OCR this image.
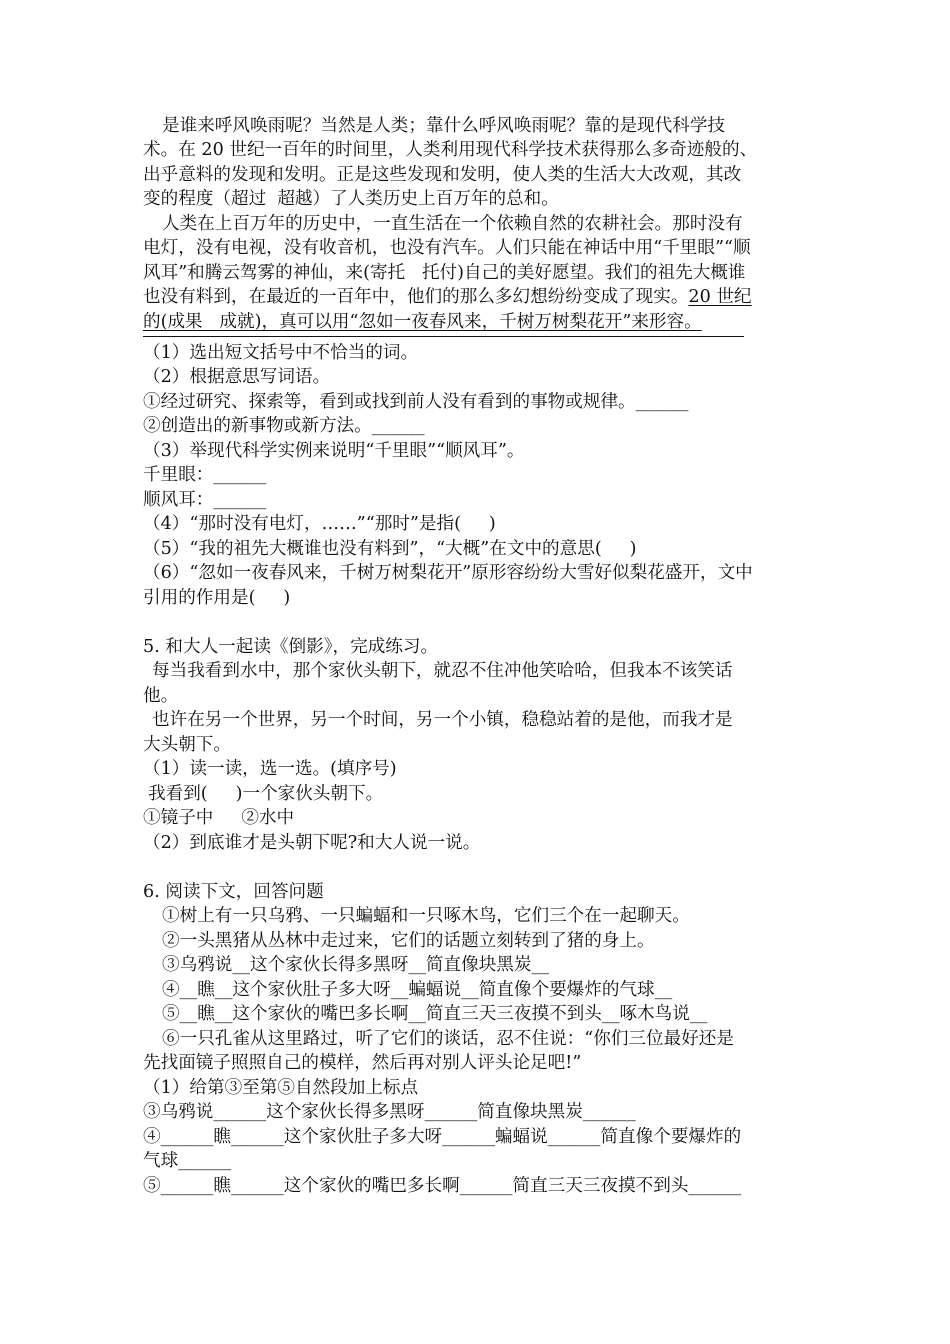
是谁来呼风唤雨呢？当然是人类；靠什么呼风唤雨呢？靠的是现代科学技
术。在 20 世纪一百年的时间里，人类利用现代科学技术获得那么多奇迹般的、
出乎意料的发现和发明。正是这些发现和发明，使人类的生活大大改观，其改
变的程度（超过  超越）了人类历史上百万年的总和。
人类在上百万年的历史中，一直生活在一个依赖自然的农耕社会。那时没有
电灯，没有电视，没有收音机，也没有汽车。人们只能在神话中用“千里眼”“顺
风耳”和腾云驾雾的神仙，来(寄托   托付)自己的美好愿望。我们的祖先大概谁
也没有料到，在最近的一百年中，他们的那么多幻想纷纷变成了现实。20 世纪
的(成果   成就)，真可以用“忽如一夜春风来，千树万树梨花开”来形容。
（1）选出短文括号中不恰当的词。
（2）根据意思写词语。
①经过研究、探索等，看到或找到前人没有看到的事物或规律。______
②创造出的新事物或新方法。______
（3）举现代科学实例来说明“千里眼”“顺风耳”。
千里眼：______
顺风耳：______
（4）“那时没有电灯，……”“那时”是指(     )
（5）“我的祖先大概谁也没有料到”，“大概”在文中的意思(     )
（6）“忽如一夜春风来，千树万树梨花开”原形容纷纷大雪好似梨花盛开，文中
引用的作用是(     )
5. 和大人一起读《倒影》，完成练习。
每当我看到水中，那个家伙头朝下，就忍不住冲他笑哈哈，但我本不该笑话
他。
也许在另一个世界，另一个时间，另一个小镇，稳稳站着的是他，而我才是
大头朝下。
（1）读一读，选一选。(填序号)
我看到(     )一个家伙头朝下。
①镜子中     ②水中
（2）到底谁才是头朝下呢?和大人说一说。
6. 阅读下文，回答问题
①树上有一只乌鸦、一只蝙蝠和一只啄木鸟，它们三个在一起聊天。
②一头黑猪从丛林中走过来，它们的话题立刻转到了猪的身上。
③乌鸦说__这个家伙长得多黑呀__简直像块黑炭__
④__瞧__这个家伙肚子多大呀__蝙蝠说__简直像个要爆炸的气球__
⑤__瞧__这个家伙的嘴巴多长啊__简直三天三夜摸不到头__啄木鸟说__
⑥一只孔雀从这里路过，听了它们的谈话，忍不住说：“你们三位最好还是
先找面镜子照照自己的模样，然后再对别人评头论足吧!”
（1）给第③至第⑤自然段加上标点
③乌鸦说______这个家伙长得多黑呀______简直像块黑炭______
④______瞧______这个家伙肚子多大呀______蝙蝠说______简直像个要爆炸的
气球______
⑤______瞧______这个家伙的嘴巴多长啊______简直三天三夜摸不到头______
